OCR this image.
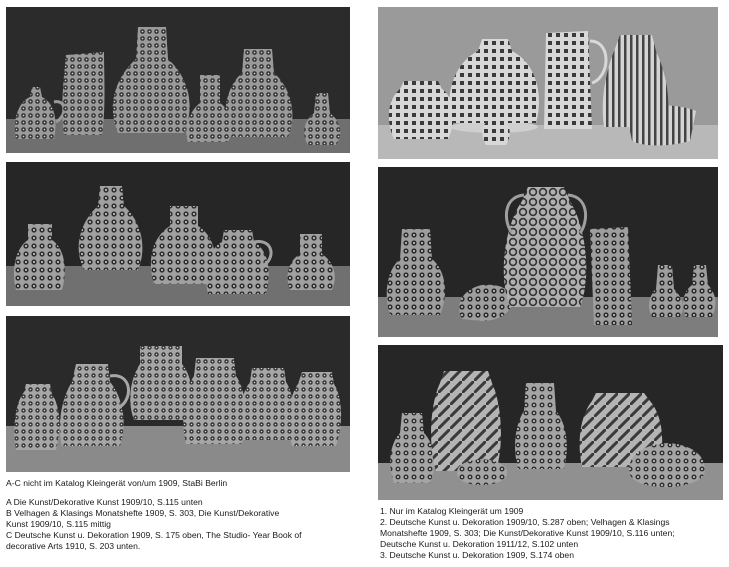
A-C nicht im Katalog Kleingerät von/um 1909, StaBi Berlin

A Die Kunst/Dekorative Kunst 1909/10, S.115 unten

B Velhagen & Klasings Monatshefte 1909, S. 303, Die Kunst/Dekorative

Kunst 1909/10, S.115 mittig

C Deutsche Kunst u. Dekoration 1909, S. 175 oben, The Studio- Year Book of

decorative Arts 1910, S. 203 unten.

1. Nur im Katalog Kleingerät um 1909

2. Deutsche Kunst u. Dekoration 1909/10, S.287 oben; Velhagen & Klasings

Monatshefte 1909, S. 303; Die Kunst/Dekorative Kunst 1909/10, S.116 unten;

Deutsche Kunst u. Dekoration 1911/12, S.102 unten

3. Deutsche Kunst u. Dekoration 1909, S.174 oben
